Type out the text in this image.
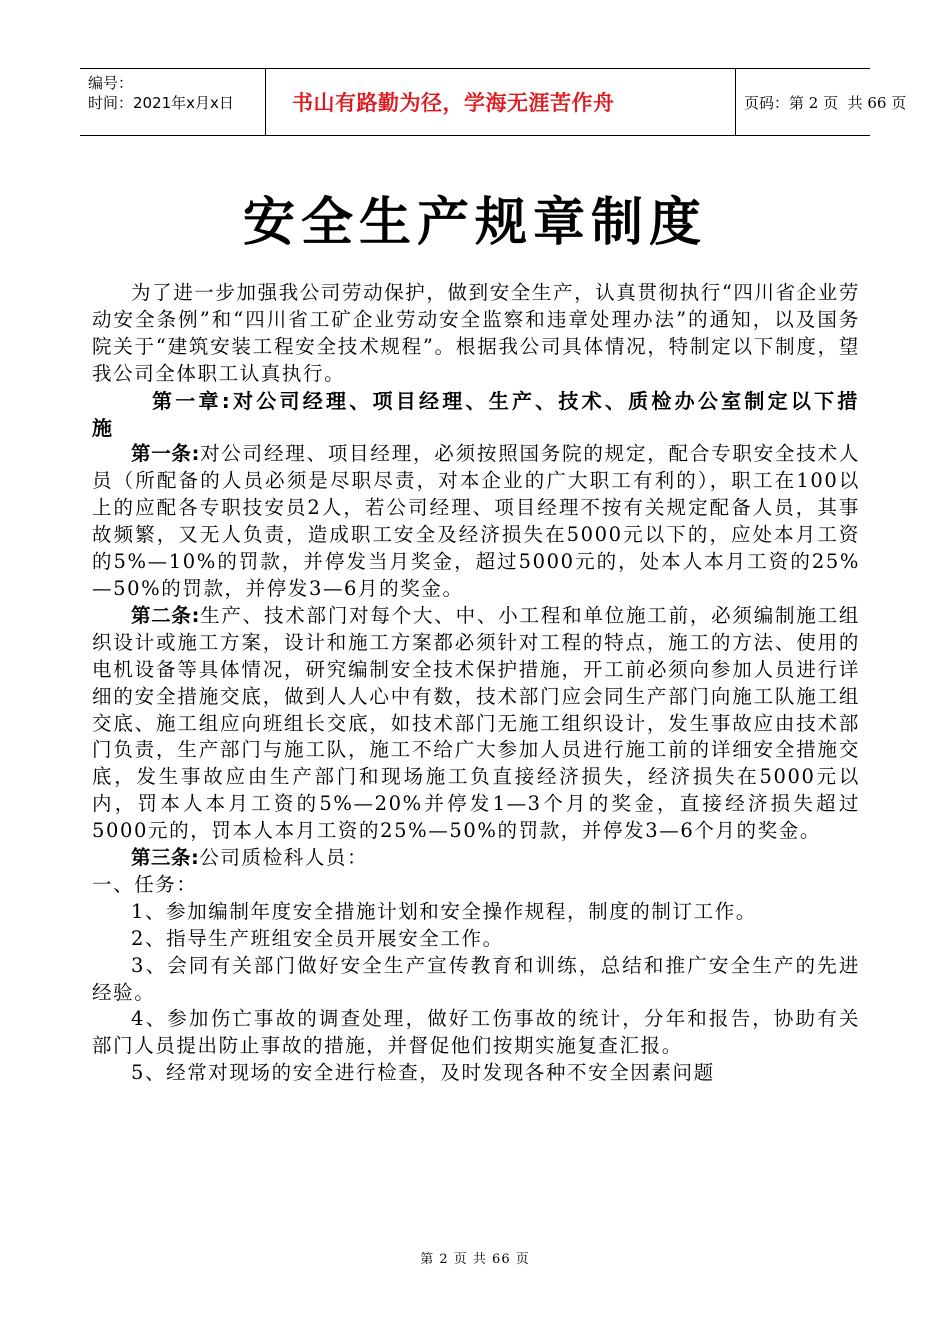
编号：
时间：2021年x月x日	书山有路勤为径，学海无涯苦作舟	页码：第 2 页  共 66 页
安全生产规章制度

为了进一步加强我公司劳动保护，做到安全生产，认真贯彻执行“四川省企业劳动安全条例”和“四川省工矿企业劳动安全监察和违章处理办法”的通知，以及国务院关于“建筑安装工程安全技术规程”。根据我公司具体情况，特制定以下制度，望我公司全体职工认真执行。

第一章:对公司经理、项目经理、生产、技术、质检办公室制定以下措施

第一条:对公司经理、项目经理，必须按照国务院的规定，配合专职安全技术人员（所配备的人员必须是尽职尽责，对本企业的广大职工有利的），职工在100以上的应配各专职技安员2人，若公司经理、项目经理不按有关规定配备人员，其事故频繁，又无人负责，造成职工安全及经济损失在5000元以下的，应处本月工资的5%—10%的罚款，并停发当月奖金，超过5000元的，处本人本月工资的25%—50%的罚款，并停发3—6月的奖金。

第二条:生产、技术部门对每个大、中、小工程和单位施工前，必须编制施工组织设计或施工方案，设计和施工方案都必须针对工程的特点，施工的方法、使用的电机设备等具体情况，研究编制安全技术保护措施，开工前必须向参加人员进行详细的安全措施交底，做到人人心中有数，技术部门应会同生产部门向施工队施工组交底、施工组应向班组长交底，如技术部门无施工组织设计，发生事故应由技术部门负责，生产部门与施工队，施工不给广大参加人员进行施工前的详细安全措施交底，发生事故应由生产部门和现场施工负直接经济损失，经济损失在5000元以内，罚本人本月工资的5%—20%并停发1—3个月的奖金，直接经济损失超过5000元的，罚本人本月工资的25%—50%的罚款，并停发3—6个月的奖金。

第三条:公司质检科人员：

一、任务：

1、参加编制年度安全措施计划和安全操作规程，制度的制订工作。

2、指导生产班组安全员开展安全工作。

3、会同有关部门做好安全生产宣传教育和训练，总结和推广安全生产的先进经验。

4、参加伤亡事故的调查处理，做好工伤事故的统计，分年和报告，协助有关部门人员提出防止事故的措施，并督促他们按期实施复查汇报。

5、经常对现场的安全进行检查，及时发现各种不安全因素问题

第 2 页 共 66 页
